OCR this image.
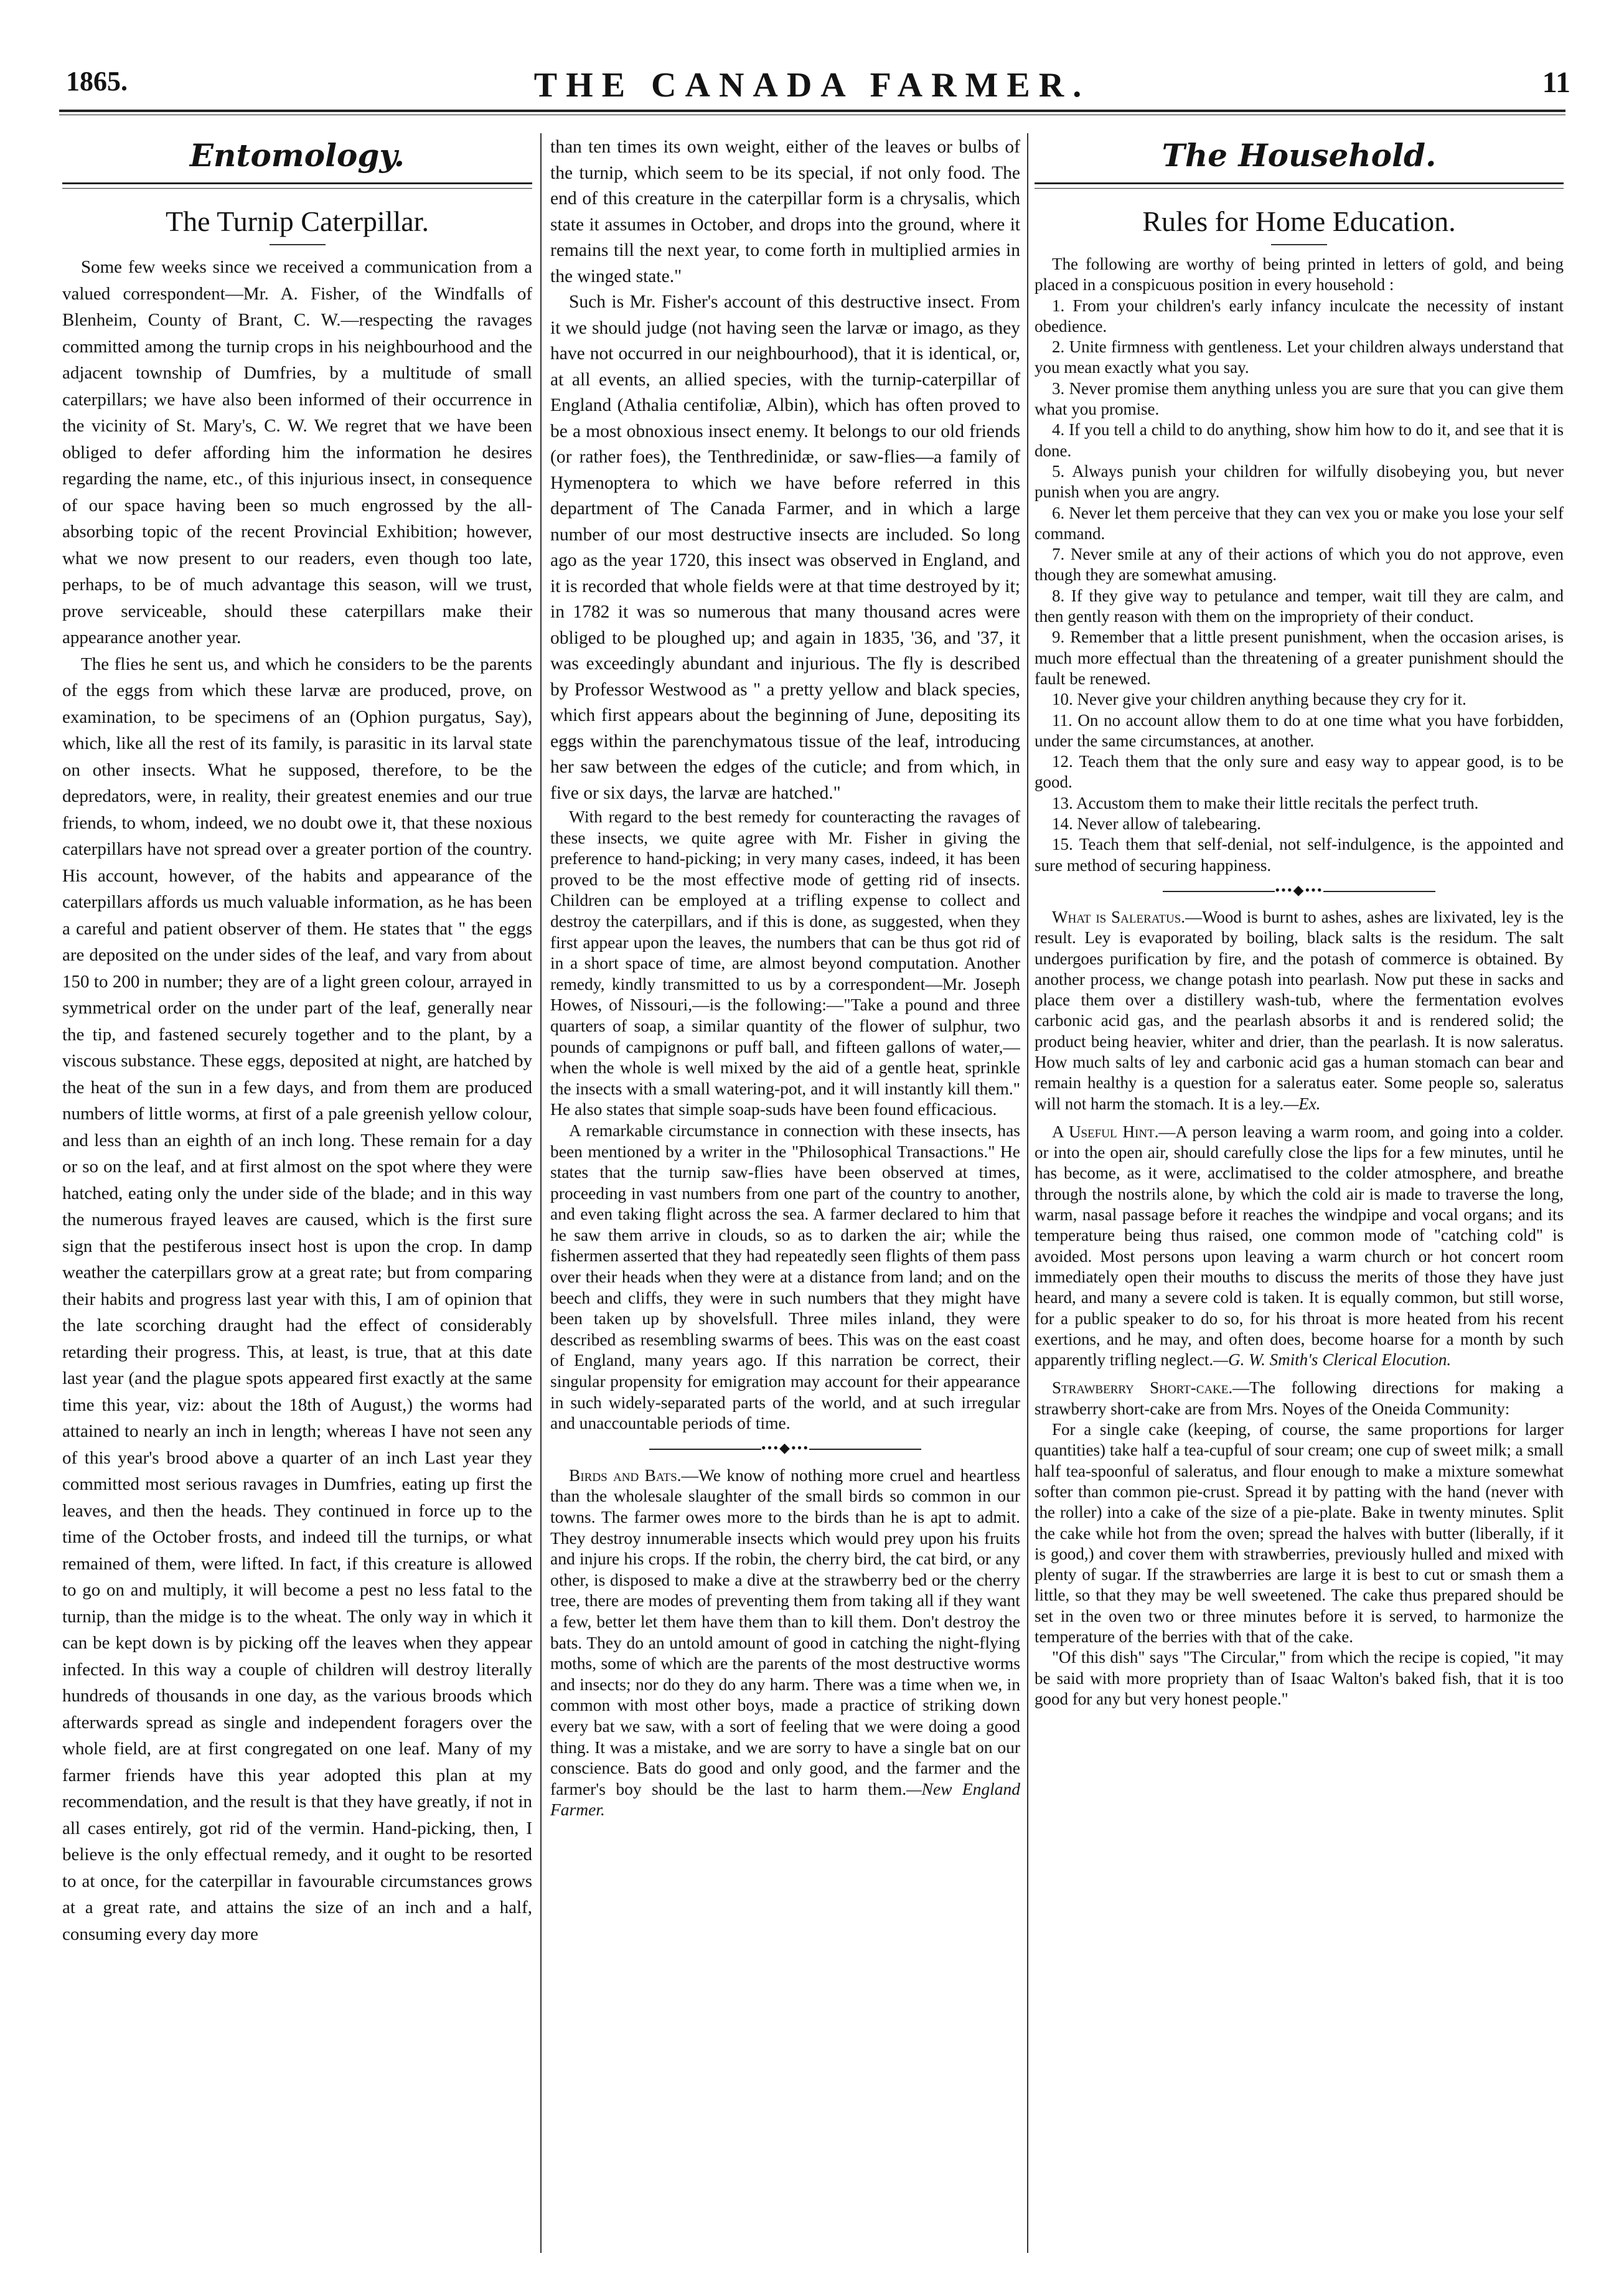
1865.	THE CANADA FARMER.	11
Entomology.
The Turnip Caterpillar.

Some few weeks since we received a communication from a valued correspondent—Mr. A. Fisher, of the Windfalls of Blenheim, County of Brant, C. W.—respecting the ravages committed among the turnip crops in his neighbourhood and the adjacent township of Dumfries, by a multitude of small caterpillars; we have also been informed of their occurrence in the vicinity of St. Mary's, C. W. We regret that we have been obliged to defer affording him the information he desires regarding the name, etc., of this injurious insect, in consequence of our space having been so much engrossed by the all-absorbing topic of the recent Provincial Exhibition; however, what we now present to our readers, even though too late, perhaps, to be of much advantage this season, will we trust, prove serviceable, should these caterpillars make their appearance another year.

The flies he sent us, and which he considers to be the parents of the eggs from which these larvæ are produced, prove, on examination, to be specimens of an (Ophion purgatus, Say), which, like all the rest of its family, is parasitic in its larval state on other insects. What he supposed, therefore, to be the depredators, were, in reality, their greatest enemies and our true friends, to whom, indeed, we no doubt owe it, that these noxious caterpillars have not spread over a greater portion of the country. His account, however, of the habits and appearance of the caterpillars affords us much valuable information, as he has been a careful and patient observer of them. He states that " the eggs are deposited on the under sides of the leaf, and vary from about 150 to 200 in number; they are of a light green colour, arrayed in symmetrical order on the under part of the leaf, generally near the tip, and fastened securely together and to the plant, by a viscous substance. These eggs, deposited at night, are hatched by the heat of the sun in a few days, and from them are produced numbers of little worms, at first of a pale greenish yellow colour, and less than an eighth of an inch long. These remain for a day or so on the leaf, and at first almost on the spot where they were hatched, eating only the under side of the blade; and in this way the numerous frayed leaves are caused, which is the first sure sign that the pestiferous insect host is upon the crop. In damp weather the caterpillars grow at a great rate; but from comparing their habits and progress last year with this, I am of opinion that the late scorching draught had the effect of considerably retarding their progress. This, at least, is true, that at this date last year (and the plague spots appeared first exactly at the same time this year, viz: about the 18th of August,) the worms had attained to nearly an inch in length; whereas I have not seen any of this year's brood above a quarter of an inch Last year they committed most serious ravages in Dumfries, eating up first the leaves, and then the heads. They continued in force up to the time of the October frosts, and indeed till the turnips, or what remained of them, were lifted. In fact, if this creature is allowed to go on and multiply, it will become a pest no less fatal to the turnip, than the midge is to the wheat. The only way in which it can be kept down is by picking off the leaves when they appear infected. In this way a couple of children will destroy literally hundreds of thousands in one day, as the various broods which afterwards spread as single and independent foragers over the whole field, are at first congregated on one leaf. Many of my farmer friends have this year adopted this plan at my recommendation, and the result is that they have greatly, if not in all cases entirely, got rid of the vermin. Hand-picking, then, I believe is the only effectual remedy, and it ought to be resorted to at once, for the caterpillar in favourable circumstances grows at a great rate, and attains the size of an inch and a half, consuming every day more

than ten times its own weight, either of the leaves or bulbs of the turnip, which seem to be its special, if not only food. The end of this creature in the caterpillar form is a chrysalis, which state it assumes in October, and drops into the ground, where it remains till the next year, to come forth in multiplied armies in the winged state."

Such is Mr. Fisher's account of this destructive insect. From it we should judge (not having seen the larvæ or imago, as they have not occurred in our neighbourhood), that it is identical, or, at all events, an allied species, with the turnip-caterpillar of England (Athalia centifoliæ, Albin), which has often proved to be a most obnoxious insect enemy. It belongs to our old friends (or rather foes), the Tenthredinidæ, or saw-flies—a family of Hymenoptera to which we have before referred in this department of The Canada Farmer, and in which a large number of our most destructive insects are included. So long ago as the year 1720, this insect was observed in England, and it is recorded that whole fields were at that time destroyed by it; in 1782 it was so numerous that many thousand acres were obliged to be ploughed up; and again in 1835, '36, and '37, it was exceedingly abundant and injurious. The fly is described by Professor Westwood as " a pretty yellow and black species, which first appears about the beginning of June, depositing its eggs within the parenchymatous tissue of the leaf, introducing her saw between the edges of the cuticle; and from which, in five or six days, the larvæ are hatched."

With regard to the best remedy for counteracting the ravages of these insects, we quite agree with Mr. Fisher in giving the preference to hand-picking; in very many cases, indeed, it has been proved to be the most effective mode of getting rid of insects. Children can be employed at a trifling expense to collect and destroy the caterpillars, and if this is done, as suggested, when they first appear upon the leaves, the numbers that can be thus got rid of in a short space of time, are almost beyond computation. Another remedy, kindly transmitted to us by a correspondent—Mr. Joseph Howes, of Nissouri,—is the following:—"Take a pound and three quarters of soap, a similar quantity of the flower of sulphur, two pounds of campignons or puff ball, and fifteen gallons of water,—when the whole is well mixed by the aid of a gentle heat, sprinkle the insects with a small watering-pot, and it will instantly kill them." He also states that simple soap-suds have been found efficacious.

A remarkable circumstance in connection with these insects, has been mentioned by a writer in the "Philosophical Transactions." He states that the turnip saw-flies have been observed at times, proceeding in vast numbers from one part of the country to another, and even taking flight across the sea. A farmer declared to him that he saw them arrive in clouds, so as to darken the air; while the fishermen asserted that they had repeatedly seen flights of them pass over their heads when they were at a distance from land; and on the beech and cliffs, they were in such numbers that they might have been taken up by shovelsfull. Three miles inland, they were described as resembling swarms of bees. This was on the east coast of England, many years ago. If this narration be correct, their singular propensity for emigration may account for their appearance in such widely-separated parts of the world, and at such irregular and unaccountable periods of time.

•••◆•••

Birds and Bats.—We know of nothing more cruel and heartless than the wholesale slaughter of the small birds so common in our towns. The farmer owes more to the birds than he is apt to admit. They destroy innumerable insects which would prey upon his fruits and injure his crops. If the robin, the cherry bird, the cat bird, or any other, is disposed to make a dive at the strawberry bed or the cherry tree, there are modes of preventing them from taking all if they want a few, better let them have them than to kill them. Don't destroy the bats. They do an untold amount of good in catching the night-flying moths, some of which are the parents of the most destructive worms and insects; nor do they do any harm. There was a time when we, in common with most other boys, made a practice of striking down every bat we saw, with a sort of feeling that we were doing a good thing. It was a mistake, and we are sorry to have a single bat on our conscience. Bats do good and only good, and the farmer and the farmer's boy should be the last to harm them.—New England Farmer.

The Household.
Rules for Home Education.

The following are worthy of being printed in letters of gold, and being placed in a conspicuous position in every household :

1. From your children's early infancy inculcate the necessity of instant obedience.

2. Unite firmness with gentleness. Let your children always understand that you mean exactly what you say.

3. Never promise them anything unless you are sure that you can give them what you promise.

4. If you tell a child to do anything, show him how to do it, and see that it is done.

5. Always punish your children for wilfully disobeying you, but never punish when you are angry.

6. Never let them perceive that they can vex you or make you lose your self command.

7. Never smile at any of their actions of which you do not approve, even though they are somewhat amusing.

8. If they give way to petulance and temper, wait till they are calm, and then gently reason with them on the impropriety of their conduct.

9. Remember that a little present punishment, when the occasion arises, is much more effectual than the threatening of a greater punishment should the fault be renewed.

10. Never give your children anything because they cry for it.

11. On no account allow them to do at one time what you have forbidden, under the same circumstances, at another.

12. Teach them that the only sure and easy way to appear good, is to be good.

13. Accustom them to make their little recitals the perfect truth.

14. Never allow of talebearing.

15. Teach them that self-denial, not self-indulgence, is the appointed and sure method of securing happiness.

•••◆•••

What is Saleratus.—Wood is burnt to ashes, ashes are lixivated, ley is the result. Ley is evaporated by boiling, black salts is the residum. The salt undergoes purification by fire, and the potash of commerce is obtained. By another process, we change potash into pearlash. Now put these in sacks and place them over a distillery wash-tub, where the fermentation evolves carbonic acid gas, and the pearlash absorbs it and is rendered solid; the product being heavier, whiter and drier, than the pearlash. It is now saleratus. How much salts of ley and carbonic acid gas a human stomach can bear and remain healthy is a question for a saleratus eater. Some people so, saleratus will not harm the stomach. It is a ley.—Ex.

A Useful Hint.—A person leaving a warm room, and going into a colder. or into the open air, should carefully close the lips for a few minutes, until he has become, as it were, acclimatised to the colder atmosphere, and breathe through the nostrils alone, by which the cold air is made to traverse the long, warm, nasal passage before it reaches the windpipe and vocal organs; and its temperature being thus raised, one common mode of "catching cold" is avoided. Most persons upon leaving a warm church or hot concert room immediately open their mouths to discuss the merits of those they have just heard, and many a severe cold is taken. It is equally common, but still worse, for a public speaker to do so, for his throat is more heated from his recent exertions, and he may, and often does, become hoarse for a month by such apparently trifling neglect.—G. W. Smith's Clerical Elocution.

Strawberry Short-cake.—The following directions for making a strawberry short-cake are from Mrs. Noyes of the Oneida Community:

For a single cake (keeping, of course, the same proportions for larger quantities) take half a tea-cupful of sour cream; one cup of sweet milk; a small half tea-spoonful of saleratus, and flour enough to make a mixture somewhat softer than common pie-crust. Spread it by patting with the hand (never with the roller) into a cake of the size of a pie-plate. Bake in twenty minutes. Split the cake while hot from the oven; spread the halves with butter (liberally, if it is good,) and cover them with strawberries, previously hulled and mixed with plenty of sugar. If the strawberries are large it is best to cut or smash them a little, so that they may be well sweetened. The cake thus prepared should be set in the oven two or three minutes before it is served, to harmonize the temperature of the berries with that of the cake.

"Of this dish" says "The Circular," from which the recipe is copied, "it may be said with more propriety than of Isaac Walton's baked fish, that it is too good for any but very honest people."
